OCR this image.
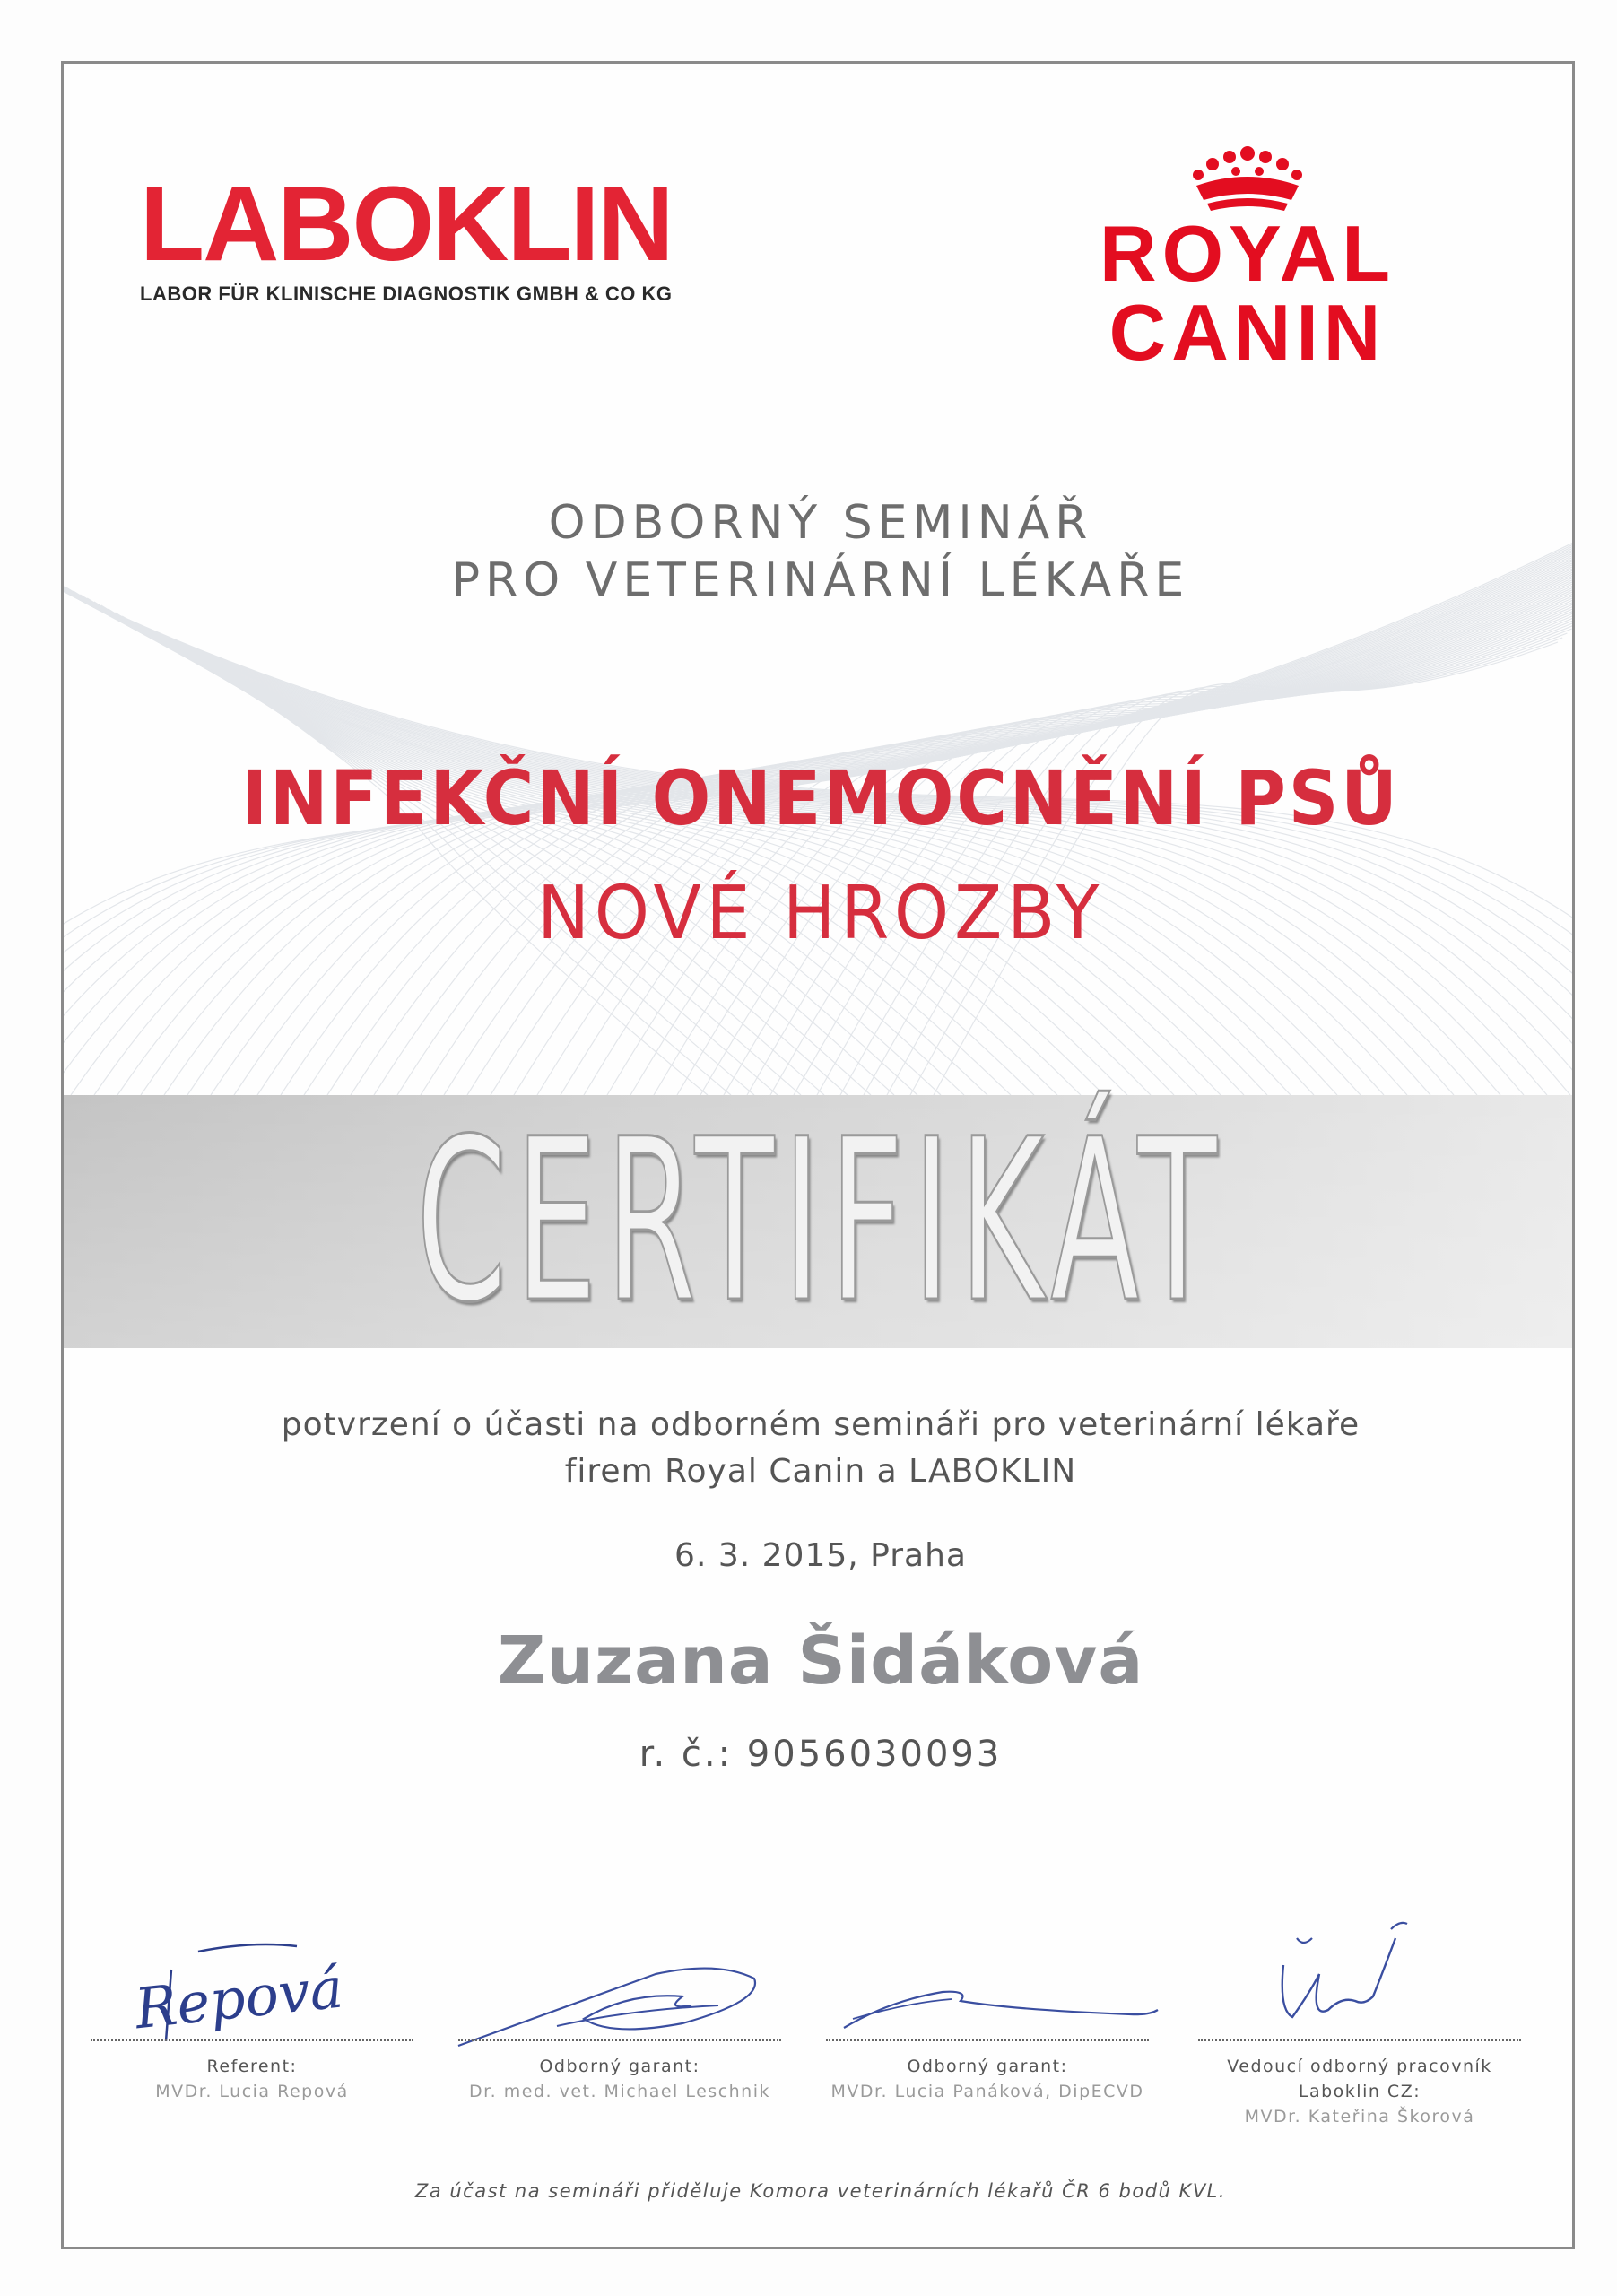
LABOKLIN
LABOR FÜR KLINISCHE DIAGNOSTIK GMBH & CO KG	ROYAL CANIN
ODBORNÝ SEMINÁŘ
PRO VETERINÁRNÍ LÉKAŘE
INFEKČNÍ ONEMOCNĚNÍ PSŮ
NOVÉ HROZBY
CERTIFIKÁT
potvrzení o účasti na odborném semináři pro veterinární lékaře
firem Royal Canin a LABOKLIN
6. 3. 2015, Praha
Zuzana Šidáková
r. č.: 9056030093
Repová
Referent:
MVDr. Lucia Repová
Odborný garant:
Dr. med. vet. Michael Leschnik
Odborný garant:
MVDr. Lucia Panáková, DipECVD
Vedoucí odborný pracovník
Laboklin CZ:
MVDr. Kateřina Škorová
Za účast na semináři přiděluje Komora veterinárních lékařů ČR 6 bodů KVL.
